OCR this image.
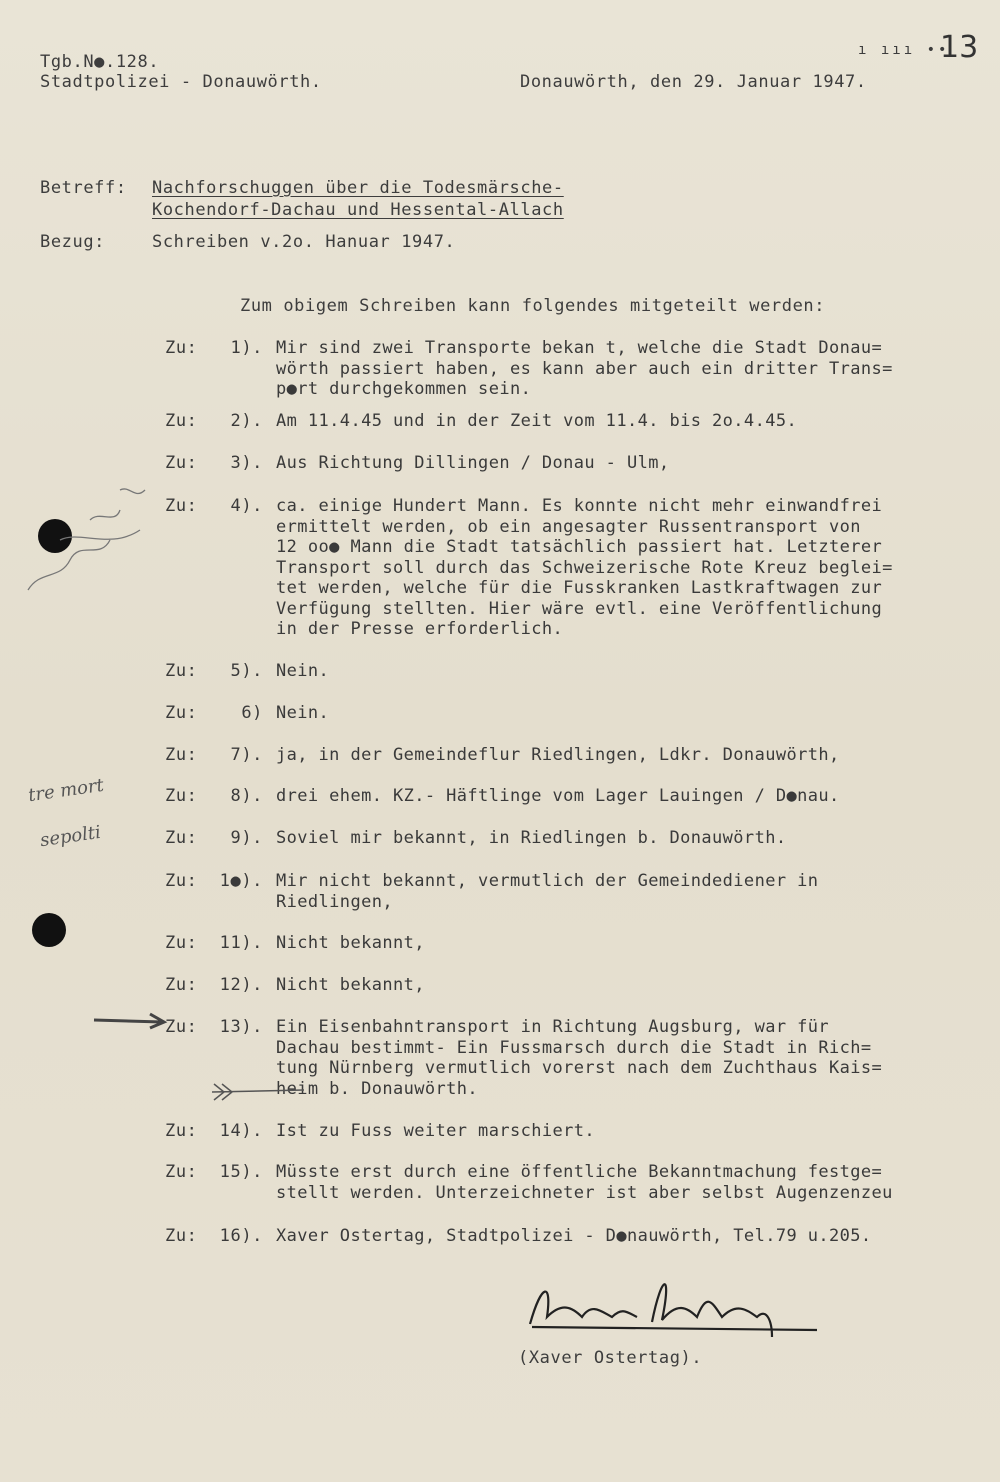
Tgb.N●.128.
Stadtpolizei - Donauwörth.	Donauwörth, den 29. Januar 1947.
ı ııı ••
13
Betreff: Nachforschuggen über die Todesmärsche-
Kochendorf-Dachau und Hessental-Allach
Bezug:	Schreiben v.2o. Hanuar 1947.
Zum obigem Schreiben kann folgendes mitgeteilt werden:
Zu:	1). Mir sind zwei Transporte bekan t, welche die Stadt Donau=
wörth passiert haben, es kann aber auch ein dritter Trans=
p●rt durchgekommen sein.
Zu:	2). Am 11.4.45 und in der Zeit vom 11.4. bis 2o.4.45.
Zu:	3). Aus Richtung Dillingen / Donau - Ulm,
Zu:	4). ca. einige Hundert Mann. Es konnte nicht mehr einwandfrei
ermittelt werden, ob ein angesagter Russentransport von
12 oo● Mann die Stadt tatsächlich passiert hat. Letzterer
Transport soll durch das Schweizerische Rote Kreuz beglei=
tet werden, welche für die Fusskranken Lastkraftwagen zur
Verfügung stellten. Hier wäre evtl. eine Veröffentlichung
in der Presse erforderlich.
Zu:	5). Nein.
Zu:	6) Nein.
Zu:	7). ja, in der Gemeindeflur Riedlingen, Ldkr. Donauwörth,
Zu:	8). drei ehem. KZ.- Häftlinge vom Lager Lauingen / D●nau.
Zu:	9). Soviel mir bekannt, in Riedlingen b. Donauwörth.
Zu: 1●). Mir nicht bekannt, vermutlich der Gemeindediener in
Riedlingen,
Zu: 11). Nicht bekannt,
Zu: 12). Nicht bekannt,
Zu: 13). Ein Eisenbahntransport in Richtung Augsburg, war für
Dachau bestimmt- Ein Fussmarsch durch die Stadt in Rich=
tung Nürnberg vermutlich vorerst nach dem Zuchthaus Kais=
heim b. Donauwörth.
Zu: 14). Ist zu Fuss weiter marschiert.
Zu: 15). Müsste erst durch eine öffentliche Bekanntmachung festge=
stellt werden. Unterzeichneter ist aber selbst Augenzenzeu
Zu: 16). Xaver Ostertag, Stadtpolizei - D●nauwörth, Tel.79 u.205.
tre mort
sepolti
(Xaver Ostertag).
